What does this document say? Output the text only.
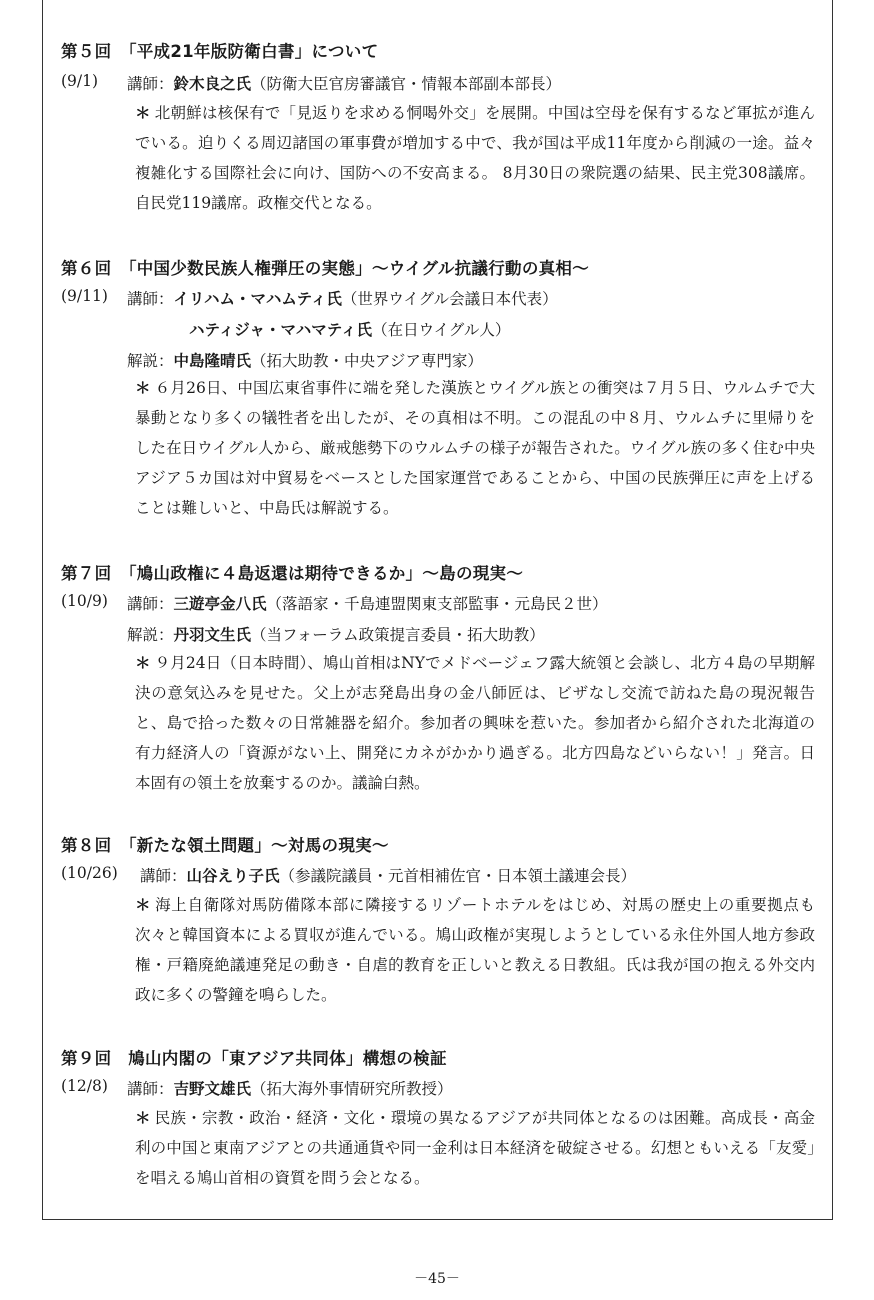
第５回　「平成21年版防衛白書」について
(9/1) 講師：鈴木良之氏（防衛大臣官房審議官・情報本部副本部長）
＊ 北朝鮮は核保有で「見返りを求める恫喝外交」を展開。中国は空母を保有するなど軍拡が進んでいる。迫りくる周辺諸国の軍事費が増加する中で、我が国は平成11年度から削減の一途。益々複雑化する国際社会に向け、国防への不安高まる。 8月30日の衆院選の結果、民主党308議席。自民党119議席。政権交代となる。
第６回　「中国少数民族人権弾圧の実態」～ウイグル抗議行動の真相～
(9/11) 講師：イリハム・マハムティ氏（世界ウイグル会議日本代表）
ハティジャ・マハマティ氏（在日ウイグル人）
解説：中島隆晴氏（拓大助教・中央アジア専門家）
＊ ６月26日、中国広東省事件に端を発した漢族とウイグル族との衝突は７月５日、ウルムチで大暴動となり多くの犠牲者を出したが、その真相は不明。この混乱の中８月、ウルムチに里帰りをした在日ウイグル人から、厳戒態勢下のウルムチの様子が報告された。ウイグル族の多く住む中央アジア５カ国は対中貿易をベースとした国家運営であることから、中国の民族弾圧に声を上げることは難しいと、中島氏は解説する。
第７回　「鳩山政権に４島返還は期待できるか」～島の現実～
(10/9) 講師：三遊亭金八氏（落語家・千島連盟関東支部監事・元島民２世）
解説：丹羽文生氏（当フォーラム政策提言委員・拓大助教）
＊ ９月24日（日本時間）、鳩山首相はNYでメドベージェフ露大統領と会談し、北方４島の早期解決の意気込みを見せた。父上が志発島出身の金八師匠は、ビザなし交流で訪ねた島の現況報告と、島で拾った数々の日常雑器を紹介。参加者の興味を惹いた。参加者から紹介された北海道の有力経済人の「資源がない上、開発にカネがかかり過ぎる。北方四島などいらない！」発言。日本固有の領土を放棄するのか。議論白熱。
第８回　「新たな領土問題」～対馬の現実～
(10/26) 講師：山谷えり子氏（参議院議員・元首相補佐官・日本領土議連会長）
＊ 海上自衛隊対馬防備隊本部に隣接するリゾートホテルをはじめ、対馬の歴史上の重要拠点も次々と韓国資本による買収が進んでいる。鳩山政権が実現しようとしている永住外国人地方参政権・戸籍廃絶議連発足の動き・自虐的教育を正しいと教える日教組。氏は我が国の抱える外交内政に多くの警鐘を鳴らした。
第９回　鳩山内閣の「東アジア共同体」構想の検証
(12/8) 講師：吉野文雄氏（拓大海外事情研究所教授）
＊ 民族・宗教・政治・経済・文化・環境の異なるアジアが共同体となるのは困難。高成長・高金利の中国と東南アジアとの共通通貨や同一金利は日本経済を破綻させる。幻想ともいえる「友愛」を唱える鳩山首相の資質を問う会となる。
－45－
